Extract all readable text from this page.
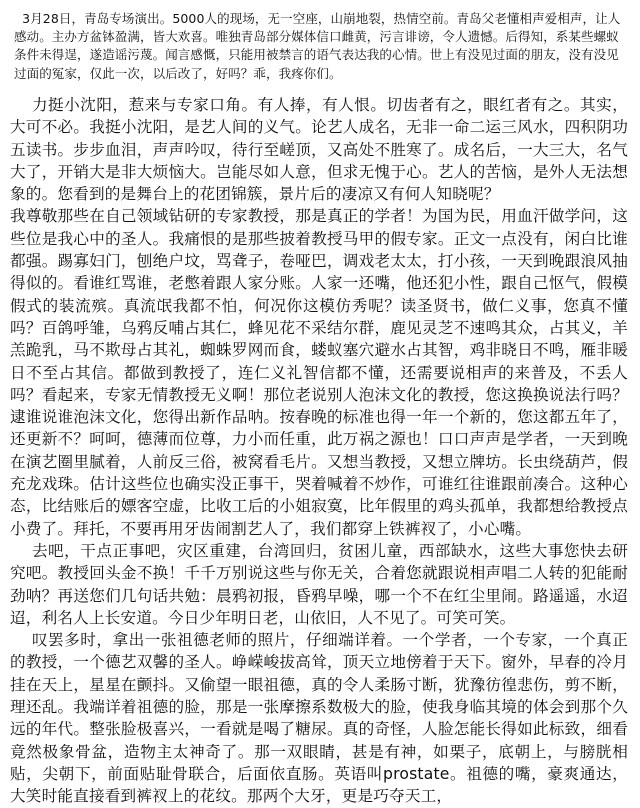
3月28日，青岛专场演出。5000人的现场，无一空座，山崩地裂，热情空前。青岛父老懂相声爱相声，让人感动。主办方盆钵盈满，皆大欢喜。唯独青岛部分媒体信口雌黄，污言诽谤，令人遗憾。后得知，系某些螺蚁条件未得逞，遂造谣污蔑。闻言感慨，只能用被禁言的语气表达我的心情。世上有没见过面的朋友，没有没见过面的冤家，仅此一次，以后改了，好吗？乖，我疼你们。

力挺小沈阳，惹来与专家口角。有人捧，有人恨。切齿者有之，眼红者有之。其实，大可不必。我挺小沈阳，是艺人间的义气。论艺人成名，无非一命二运三风水，四积阴功五读书。步步血泪，声声吟叹，待行至嵯顶，又高处不胜寒了。成名后，一大三大，名气大了，开销大是非大烦恼大。岂能尽如人意，但求无愧于心。艺人的苦恼，是外人无法想象的。您看到的是舞台上的花团锦簇，景片后的凄凉又有何人知晓呢？

我尊敬那些在自己领域钻研的专家教授，那是真正的学者！为国为民，用血汗做学问，这些位是我心中的圣人。我痛恨的是那些披着教授马甲的假专家。正文一点没有，闲白比谁都强。踢寡妇门，刨绝户坟，骂聋子，卷哑巴，调戏老太太，打小孩，一天到晚跟浪风抽得似的。看谁红骂谁，老憋着跟人家分账。人家一还嘴，他还犯小性，跟自己怄气，假模假式的装流殡。真流氓我都不怕，何况你这模仿秀呢？读圣贤书，做仁义事，您真不懂吗？百鸽呼雏，乌鸦反哺占其仁，蜂见花不采结尔群，鹿见灵芝不速鸣其众，占其义，羊羔跪乳，马不欺母占其礼，蜘蛛罗网而食，蝼蚁塞穴避水占其智，鸡非晓日不鸣，雁非暖日不至占其信。都做到教授了，连仁义礼智信都不懂，还需要说相声的来普及，不丢人吗？看起来，专家无情教授无义啊！那位老说别人泡沫文化的教授，您这换换说法行吗？逮谁说谁泡沫文化，您得出新作品呐。按春晚的标准也得一年一个新的，您这都五年了，还更新不？呵呵，德薄而位尊，力小而任重，此万祸之源也！口口声声是学者，一天到晚在演艺圈里腻着，人前反三俗，被窝看毛片。又想当教授，又想立牌坊。长虫绕葫芦，假充龙戏珠。估计这些位也确实没正事干，哭着喊着不炒作，可谁红往谁跟前凑合。这种心态，比结账后的嫖客空虚，比收工后的小姐寂寞，比年假里的鸡头孤单，我都想给教授点小费了。拜托，不要再用牙齿闹割艺人了，我们都穿上铁裤衩了，小心嘴。

去吧，干点正事吧，灾区重建，台湾回归，贫困儿童，西部缺水，这些大事您快去研究吧。教授回头金不换！千千万别说这些与你无关，合着您就跟说相声唱二人转的犯能耐劲呐？再送您们几句话共勉：晨鸦初报，昏鸦早噪，哪一个不在红尘里闹。路遥遥，水迢迢，利名人上长安道。今日少年明日老，山依旧，人不见了。可笑可笑。

叹罢多时，拿出一张祖德老师的照片，仔细端详着。一个学者，一个专家，一个真正的教授，一个德艺双馨的圣人。峥嵘峻拔高耸，顶天立地傍着于天下。窗外，早春的冷月挂在天上，星星在颤抖。又偷望一眼祖德，真的令人柔肠寸断，犹豫彷徨悲伤，剪不断，理还乱。我端详着祖德的脸，那是一张摩擦系数极大的脸，使我身临其境的体会到那个久远的年代。整张脸极喜兴，一看就是喝了糖尿。真的奇怪，人脸怎能长得如此标致，细看竟然极象骨盆，造物主太神奇了。那一双眼睛，甚是有神，如栗子，底朝上，与膀胱相贴，尖朝下，前面贴耻骨联合，后面依直肠。英语叫prostate。祖德的嘴，豪爽通达，大笑时能直接看到裤衩上的花纹。那两个大牙，更是巧夺天工，
